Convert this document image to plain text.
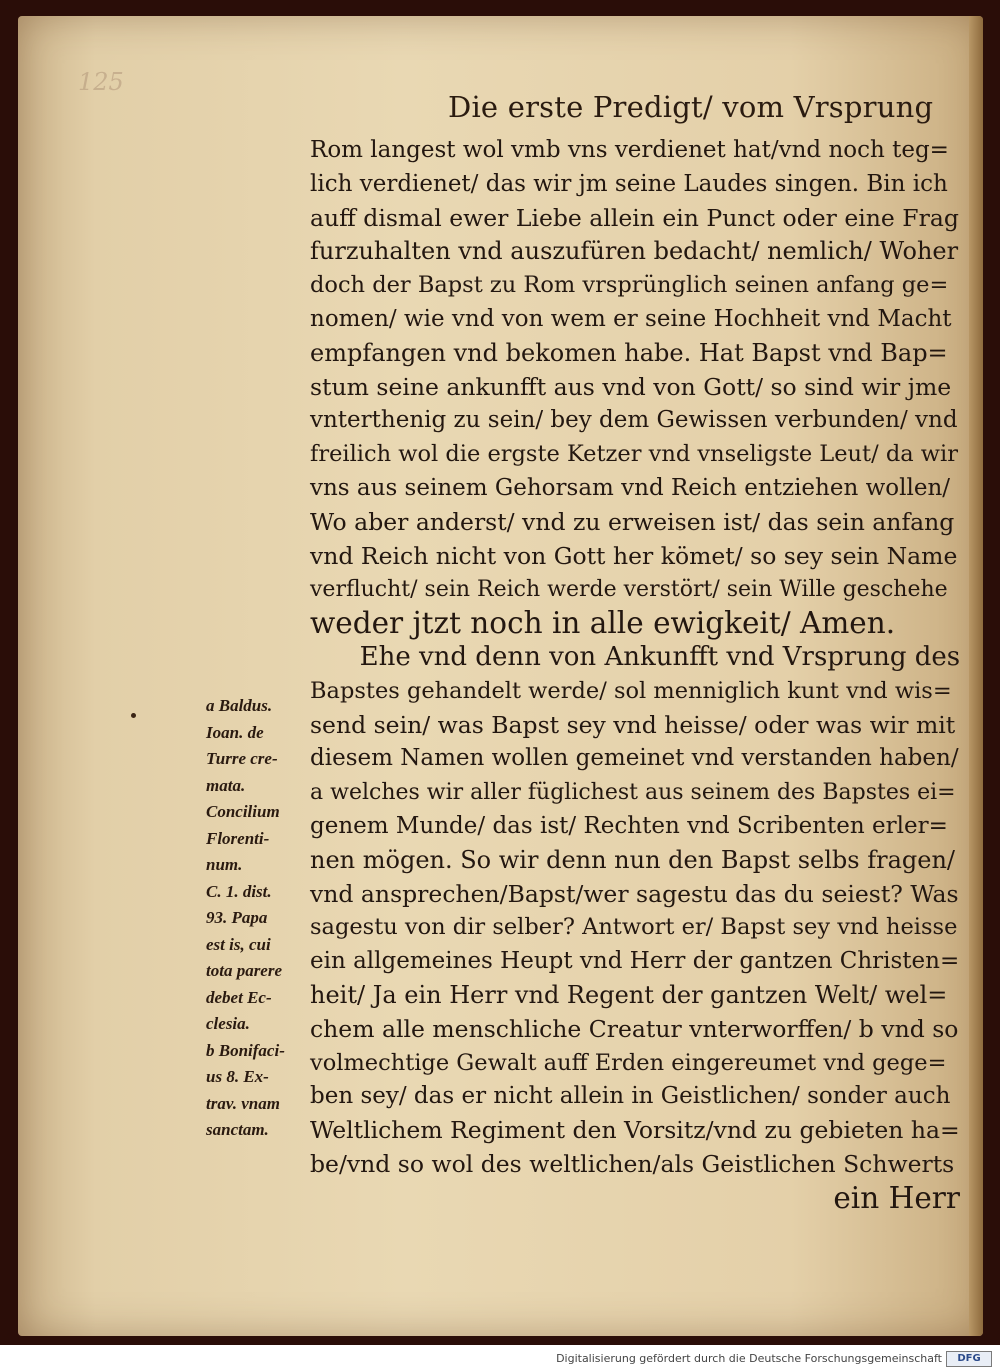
125
Die erste Predigt/ vom Vrsprung
Rom langest wol vmb vns verdienet hat/vnd noch teg=
lich verdienet/ das wir jm seine Laudes singen. Bin ich
auff dismal ewer Liebe allein ein Punct oder eine Frag
furzuhalten vnd auszufüren bedacht/ nemlich/ Woher
doch der Bapst zu Rom vrsprünglich seinen anfang ge=
nomen/ wie vnd von wem er seine Hochheit vnd Macht
empfangen vnd bekomen habe. Hat Bapst vnd Bap=
stum seine ankunfft aus vnd von Gott/ so sind wir jme
vnterthenig zu sein/ bey dem Gewissen verbunden/ vnd
freilich wol die ergste Ketzer vnd vnseligste Leut/ da wir
vns aus seinem Gehorsam vnd Reich entziehen wollen/
Wo aber anderst/ vnd zu erweisen ist/ das sein anfang
vnd Reich nicht von Gott her kömet/ so sey sein Name
verflucht/ sein Reich werde verstört/ sein Wille geschehe
weder jtzt noch in alle ewigkeit/ Amen.
Ehe vnd denn von Ankunfft vnd Vrsprung des
Bapstes gehandelt werde/ sol menniglich kunt vnd wis=
send sein/ was Bapst sey vnd heisse/ oder was wir mit
diesem Namen wollen gemeinet vnd verstanden haben/
a welches wir aller füglichest aus seinem des Bapstes ei=
genem Munde/ das ist/ Rechten vnd Scribenten erler=
nen mögen. So wir denn nun den Bapst selbs fragen/
vnd ansprechen/Bapst/wer sagestu das du seiest? Was
sagestu von dir selber? Antwort er/ Bapst sey vnd heisse
ein allgemeines Heupt vnd Herr der gantzen Christen=
heit/ Ja ein Herr vnd Regent der gantzen Welt/ wel=
chem alle menschliche Creatur vnterworffen/ b vnd so
volmechtige Gewalt auff Erden eingereumet vnd gege=
ben sey/ das er nicht allein in Geistlichen/ sonder auch
Weltlichem Regiment den Vorsitz/vnd zu gebieten ha=
be/vnd so wol des weltlichen/als Geistlichen Schwerts
ein Herr
a Baldus.
Ioan. de
Turre cre-
mata.
Concilium
Florenti-
num.
C. 1. dist.
93. Papa
est is, cui
tota parere
debet Ec-
clesia.
b Bonifaci-
us 8. Ex-
trav. vnam
sanctam.
Digitalisierung gefördert durch die Deutsche Forschungsgemeinschaft	DFG
